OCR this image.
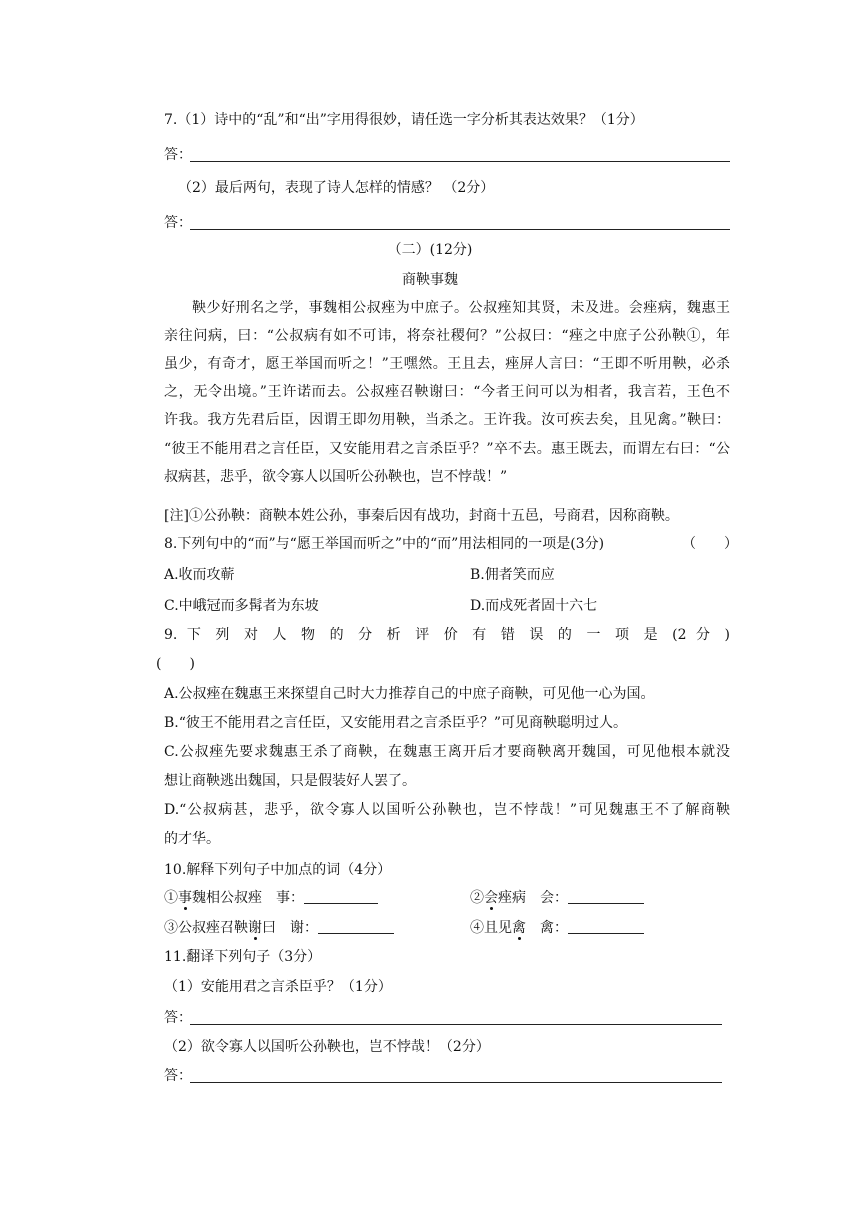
7.（1）诗中的“乱”和“出”字用得很妙，请任选一字分析其表达效果？（1分）
答：
（2）最后两句，表现了诗人怎样的情感？ （2分）
答：
（二）(12分)
商鞅事魏
鞅少好刑名之学，事魏相公叔痤为中庶子。公叔痤知其贤，未及进。会痤病，魏惠王
亲往问病，曰：“公叔病有如不可讳，将奈社稷何？”公叔曰：“痤之中庶子公孙鞅①，年
虽少，有奇才，愿王举国而听之！”王嘿然。王且去，痤屏人言曰：“王即不听用鞅，必杀
之，无令出境。”王许诺而去。公叔痤召鞅谢曰：“今者王问可以为相者，我言若，王色不
许我。我方先君后臣，因谓王即勿用鞅，当杀之。王许我。汝可疾去矣，且见禽。”鞅曰：
“彼王不能用君之言任臣，又安能用君之言杀臣乎？”卒不去。惠王既去，而谓左右曰：“公
叔病甚，悲乎，欲令寡人以国听公孙鞅也，岂不悖哉！”
[注]①公孙鞅：商鞅本姓公孙，事秦后因有战功，封商十五邑，号商君，因称商鞅。
8.下列句中的“而”与“愿王举国而听之”中的“而”用法相同的一项是(3分)	（　　）
A.收而攻蕲	B.佣者笑而应
C.中峨冠而多髯者为东坡	D.而戍死者固十六七
9. 下 列 对 人 物 的 分 析 评 价 有 错 误 的 一 项 是 (2 分 )
(　　)
A.公叔痤在魏惠王来探望自己时大力推荐自己的中庶子商鞅，可见他一心为国。
B.“彼王不能用君之言任臣，又安能用君之言杀臣乎？”可见商鞅聪明过人。
C.公叔痤先要求魏惠王杀了商鞅，在魏惠王离开后才要商鞅离开魏国，可见他根本就没
想让商鞅逃出魏国，只是假装好人罢了。
D.“公叔病甚，悲乎，欲令寡人以国听公孙鞅也，岂不悖哉！”可见魏惠王不了解商鞅
的才华。
10.解释下列句子中加点的词（4分）
①事魏相公叔痤　事：	②会痤病　会：
③公叔痤召鞅谢曰　谢：	④且见禽　禽：
11.翻译下列句子（3分）
（1）安能用君之言杀臣乎？（1分）
答：
（2）欲令寡人以国听公孙鞅也，岂不悖哉！（2分）
答：
